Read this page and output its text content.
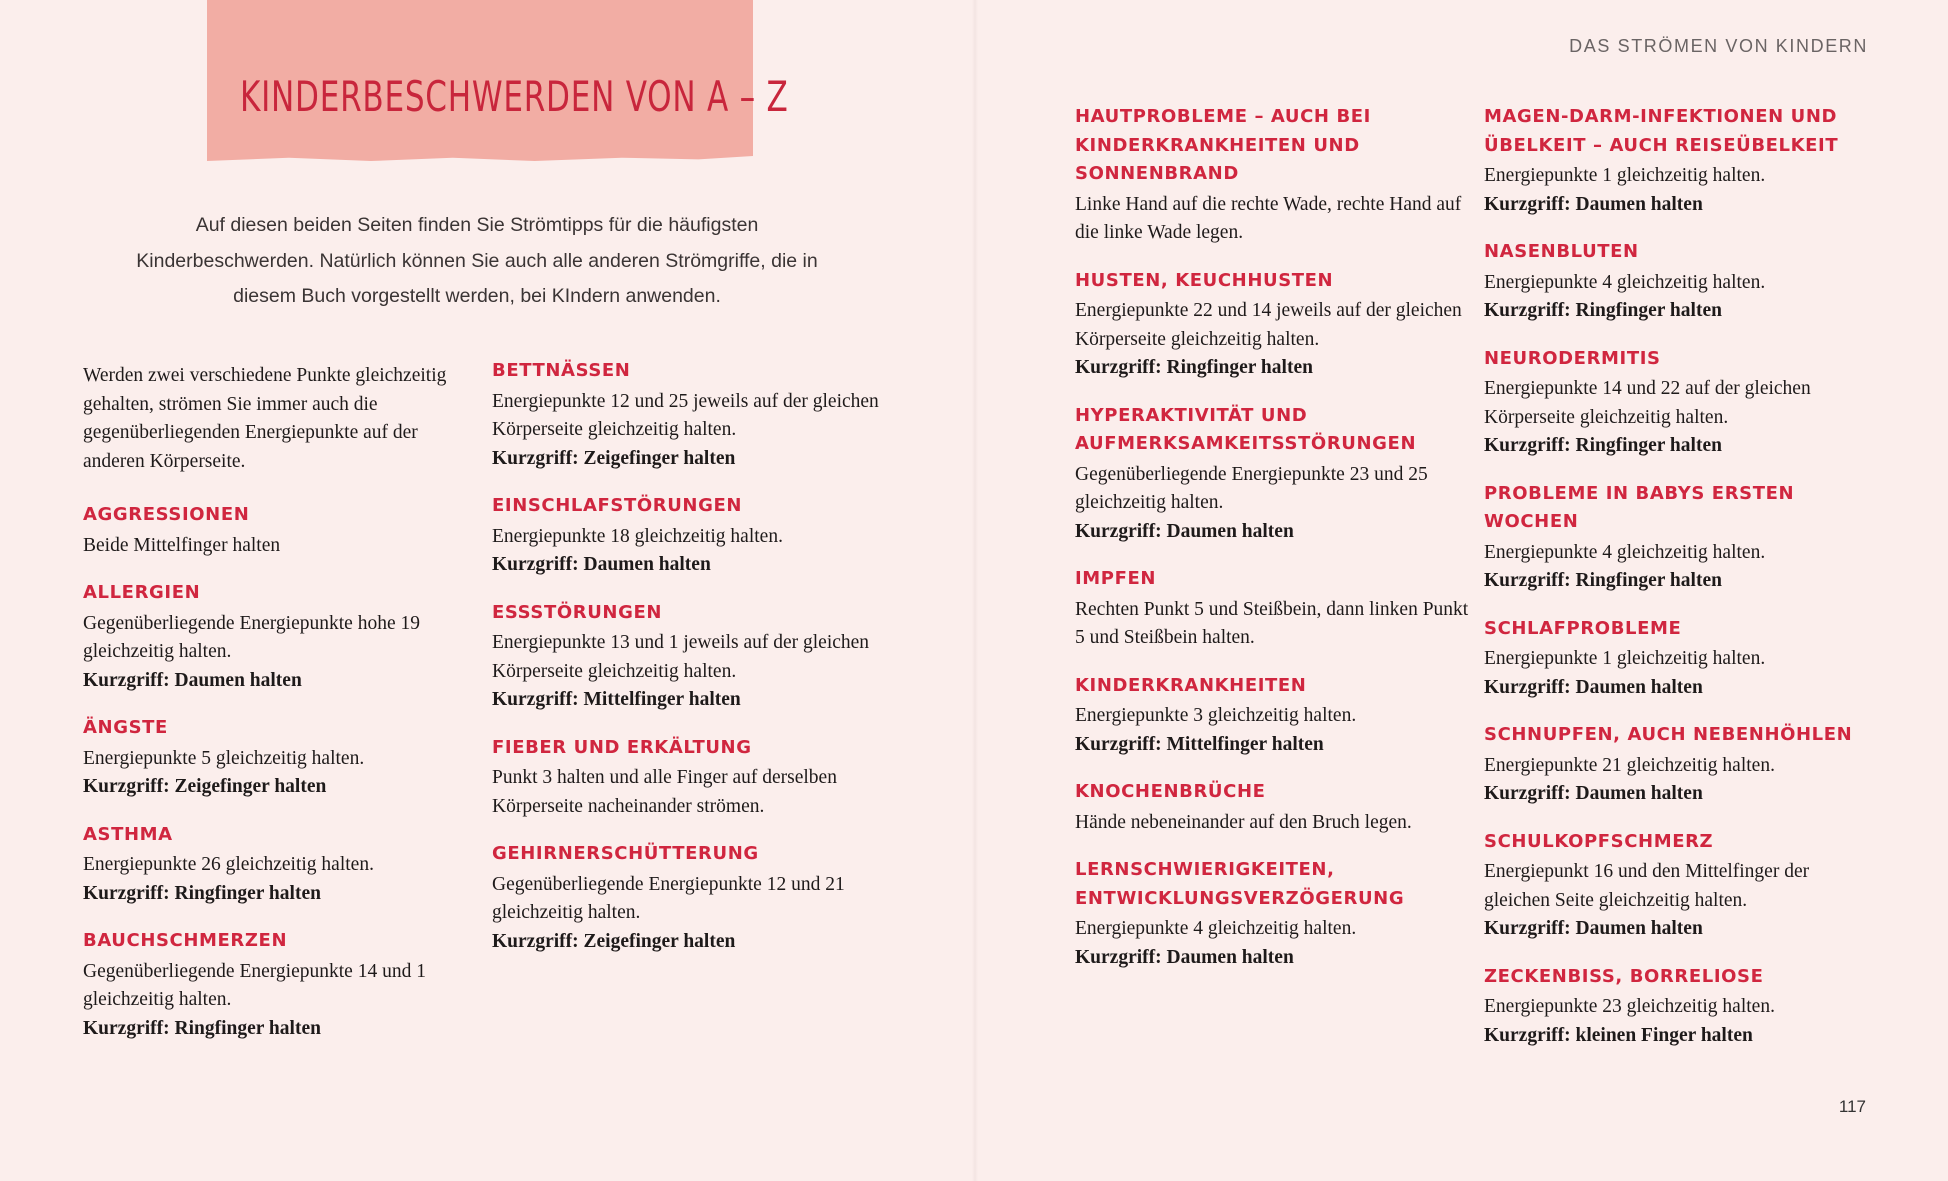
KINDERBESCHWERDEN VON A – Z
DAS STRÖMEN VON KINDERN
117

Auf diesen beiden Seiten finden Sie Strömtipps für die häufigsten Kinderbeschwerden. Natürlich können Sie auch alle anderen Strömgriffe, die in diesem Buch vorgestellt werden, bei KIndern anwenden.

Werden zwei verschiedene Punkte gleichzeitig gehalten, strömen Sie immer auch die gegenüberliegenden Energiepunkte auf der anderen Körperseite.

AGGRESSIONEN

Beide Mittelfinger halten

ALLERGIEN

Gegenüberliegende Energiepunkte hohe 19 gleichzeitig halten.

Kurzgriff: Daumen halten

ÄNGSTE

Energiepunkte 5 gleichzeitig halten.

Kurzgriff: Zeigefinger halten

ASTHMA

Energiepunkte 26 gleichzeitig halten.

Kurzgriff: Ringfinger halten

BAUCHSCHMERZEN

Gegenüberliegende Energiepunkte 14 und 1 gleichzeitig halten.

Kurzgriff: Ringfinger halten

BETTNÄSSEN

Energiepunkte 12 und 25 jeweils auf der gleichen Körperseite gleichzeitig halten.

Kurzgriff: Zeigefinger halten

EINSCHLAFSTÖRUNGEN

Energiepunkte 18 gleichzeitig halten.

Kurzgriff: Daumen halten

ESSSTÖRUNGEN

Energiepunkte 13 und 1 jeweils auf der gleichen Körperseite gleichzeitig halten.

Kurzgriff: Mittelfinger halten

FIEBER UND ERKÄLTUNG

Punkt 3 halten und alle Finger auf derselben Körperseite nacheinander strömen.

GEHIRNERSCHÜTTERUNG

Gegenüberliegende Energiepunkte 12 und 21 gleichzeitig halten.

Kurzgriff: Zeigefinger halten

HAUTPROBLEME – AUCH BEI KINDERKRANKHEITEN UND SONNENBRAND

Linke Hand auf die rechte Wade, rechte Hand auf die linke Wade legen.

HUSTEN, KEUCHHUSTEN

Energiepunkte 22 und 14 jeweils auf der gleichen Körperseite gleichzeitig halten.

Kurzgriff: Ringfinger halten

HYPERAKTIVITÄT UND AUFMERKSAMKEITSSTÖRUNGEN

Gegenüberliegende Energiepunkte 23 und 25 gleichzeitig halten.

Kurzgriff: Daumen halten

IMPFEN

Rechten Punkt 5 und Steißbein, dann linken Punkt 5 und Steißbein halten.

KINDERKRANKHEITEN

Energiepunkte 3 gleichzeitig halten.

Kurzgriff: Mittelfinger halten

KNOCHENBRÜCHE

Hände nebeneinander auf den Bruch legen.

LERNSCHWIERIGKEITEN, ENTWICKLUNGSVERZÖGERUNG

Energiepunkte 4 gleichzeitig halten.

Kurzgriff: Daumen halten

MAGEN-DARM-INFEKTIONEN UND ÜBELKEIT – AUCH REISEÜBELKEIT

Energiepunkte 1 gleichzeitig halten.

Kurzgriff: Daumen halten

NASENBLUTEN

Energiepunkte 4 gleichzeitig halten.

Kurzgriff: Ringfinger halten

NEURODERMITIS

Energiepunkte 14 und 22 auf der gleichen Körperseite gleichzeitig halten.

Kurzgriff: Ringfinger halten

PROBLEME IN BABYS ERSTEN WOCHEN

Energiepunkte 4 gleichzeitig halten.

Kurzgriff: Ringfinger halten

SCHLAFPROBLEME

Energiepunkte 1 gleichzeitig halten.

Kurzgriff: Daumen halten

SCHNUPFEN, AUCH NEBENHÖHLEN

Energiepunkte 21 gleichzeitig halten.

Kurzgriff: Daumen halten

SCHULKOPFSCHMERZ

Energiepunkt 16 und den Mittelfinger der gleichen Seite gleichzeitig halten.

Kurzgriff: Daumen halten

ZECKENBISS, BORRELIOSE

Energiepunkte 23 gleichzeitig halten.

Kurzgriff: kleinen Finger halten
